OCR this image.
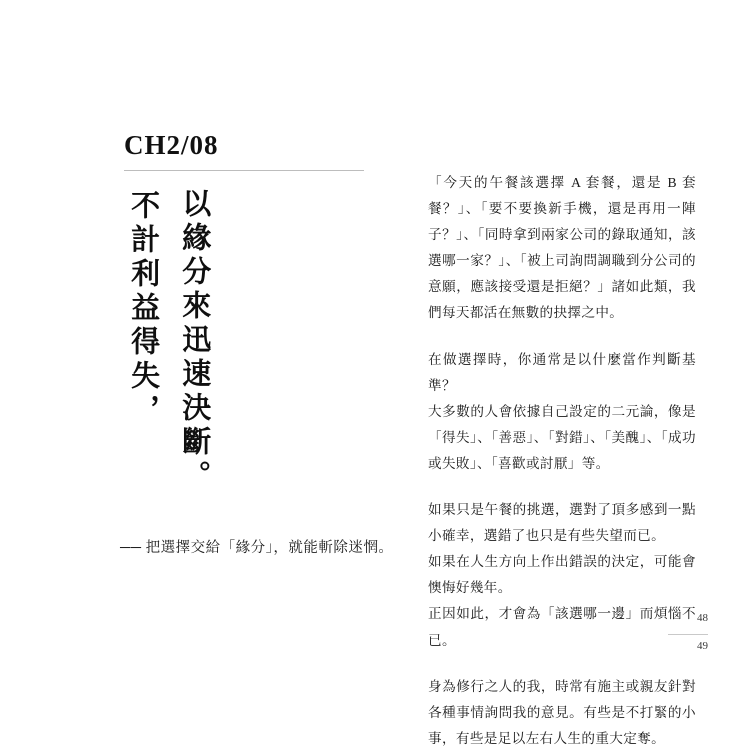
CH2/08
以緣分來迅速決斷。
不計利益得失，
── 把選擇交給「緣分」，就能斬除迷惘。

「今天的午餐該選擇 A 套餐，還是 B 套餐？」、「要不要換新手機，還是再用一陣子？」、「同時拿到兩家公司的錄取通知，該選哪一家？」、「被上司詢問調職到分公司的意願，應該接受還是拒絕？」諸如此類，我們每天都活在無數的抉擇之中。

在做選擇時，你通常是以什麼當作判斷基準？
大多數的人會依據自己設定的二元論，像是「得失」、「善惡」、「對錯」、「美醜」、「成功或失敗」、「喜歡或討厭」等。

如果只是午餐的挑選，選對了頂多感到一點小確幸，選錯了也只是有些失望而已。
如果在人生方向上作出錯誤的決定，可能會懊悔好幾年。
正因如此，才會為「該選哪一邊」而煩惱不已。

身為修行之人的我，時常有施主或親友針對各種事情詢問我的意見。有些是不打緊的小事，有些是足以左右人生的重大定奪。

48
49
